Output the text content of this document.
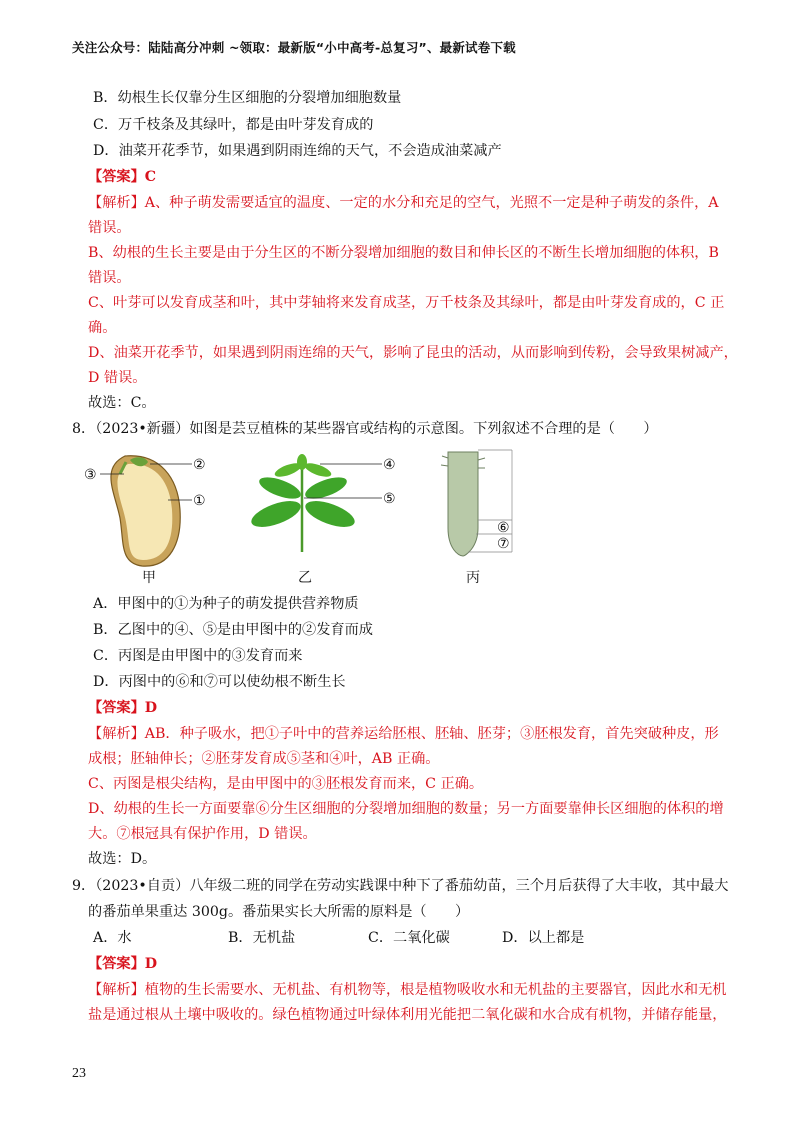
关注公众号：陆陆高分冲刺 ~领取：最新版“小中高考-总复习”、最新试卷下载
B．幼根生长仅靠分生区细胞的分裂增加细胞数量
C．万千枝条及其绿叶，都是由叶芽发育成的
D．油菜开花季节，如果遇到阴雨连绵的天气，不会造成油菜减产
【答案】C
【解析】A、种子萌发需要适宜的温度、一定的水分和充足的空气，光照不一定是种子萌发的条件，A
错误。
B、幼根的生长主要是由于分生区的不断分裂增加细胞的数目和伸长区的不断生长增加细胞的体积，B
错误。
C、叶芽可以发育成茎和叶，其中芽轴将来发育成茎，万千枝条及其绿叶，都是由叶芽发育成的，C 正
确。
D、油菜开花季节，如果遇到阴雨连绵的天气，影响了昆虫的活动，从而影响到传粉，会导致果树减产，
D 错误。
故选：C。
8．（2023•新疆）如图是芸豆植株的某些器官或结构的示意图。下列叙述不合理的是（　　）
③
②
①
④
⑤
⑥
⑦
甲	乙	丙
A．甲图中的①为种子的萌发提供营养物质
B．乙图中的④、⑤是由甲图中的②发育而成
C．丙图是由甲图中的③发育而来
D．丙图中的⑥和⑦可以使幼根不断生长
【答案】D
【解析】AB．种子吸水，把①子叶中的营养运给胚根、胚轴、胚芽；③胚根发育，首先突破种皮，形
成根；胚轴伸长；②胚芽发育成⑤茎和④叶，AB 正确。
C、丙图是根尖结构，是由甲图中的③胚根发育而来，C 正确。
D、幼根的生长一方面要靠⑥分生区细胞的分裂增加细胞的数量；另一方面要靠伸长区细胞的体积的增
大。⑦根冠具有保护作用，D 错误。
故选：D。
9．（2023•自贡）八年级二班的同学在劳动实践课中种下了番茄幼苗，三个月后获得了大丰收，其中最大
的番茄单果重达 300g。番茄果实长大所需的原料是（　　）
A．水	B．无机盐	C．二氧化碳	D．以上都是
【答案】D
【解析】植物的生长需要水、无机盐、有机物等，根是植物吸收水和无机盐的主要器官，因此水和无机
盐是通过根从土壤中吸收的。绿色植物通过叶绿体利用光能把二氧化碳和水合成有机物，并储存能量，
23
